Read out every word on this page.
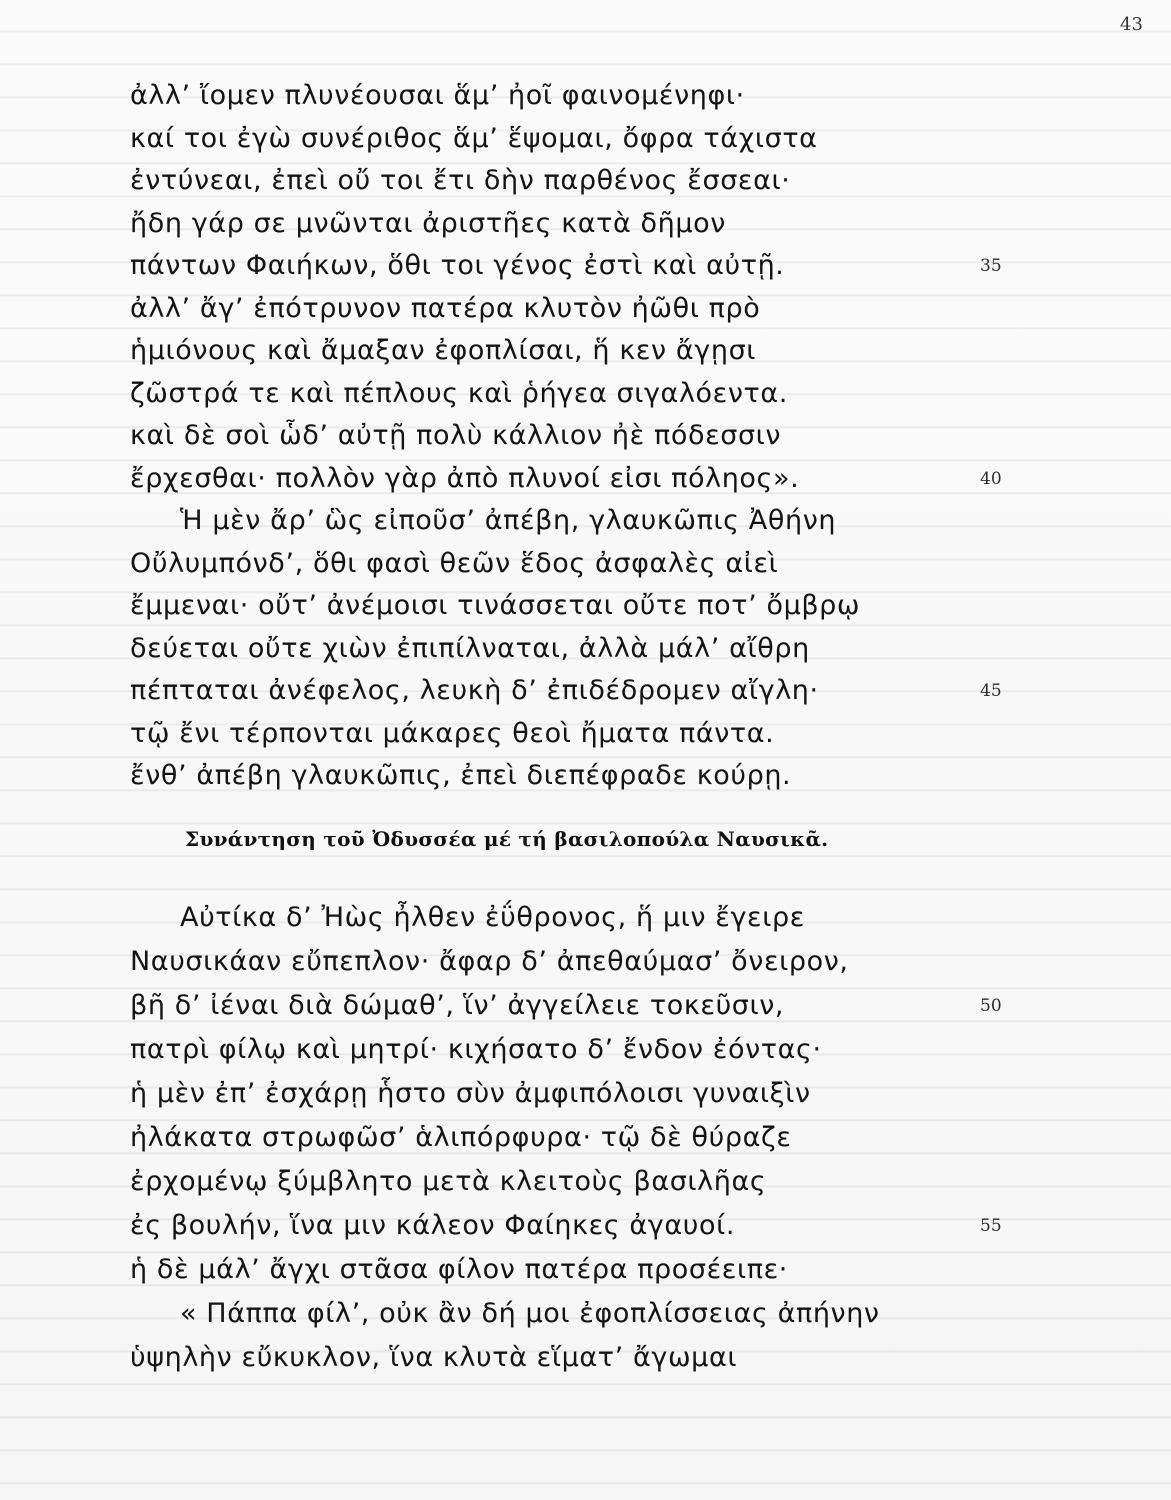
43
ἀλλ’ ἴομεν πλυνέουσαι ἅμ’ ἠοῖ φαινομένηφι·
καί τοι ἐγὼ συνέριθος ἅμ’ ἕψομαι, ὄφρα τάχιστα
ἐντύνεαι, ἐπεὶ οὔ τοι ἔτι δὴν παρθένος ἔσσεαι·
ἤδη γάρ σε μνῶνται ἀριστῆες κατὰ δῆμον
πάντων Φαιήκων, ὅθι τοι γένος ἐστὶ καὶ αὐτῇ.	35
ἀλλ’ ἄγ’ ἐπότρυνον πατέρα κλυτὸν ἠῶθι πρὸ
ἡμιόνους καὶ ἄμαξαν ἐφοπλίσαι, ἥ κεν ἄγῃσι
ζῶστρά τε καὶ πέπλους καὶ ῥήγεα σιγαλόεντα.
καὶ δὲ σοὶ ὧδ’ αὐτῇ πολὺ κάλλιον ἠὲ πόδεσσιν
ἔρχεσθαι· πολλὸν γὰρ ἀπὸ πλυνοί εἰσι πόληος».	40
Ἡ μὲν ἄρ’ ὣς εἰποῦσ’ ἀπέβη, γλαυκῶπις Ἀθήνη
Οὔλυμπόνδ’, ὅθι φασὶ θεῶν ἕδος ἀσφαλὲς αἰεὶ
ἔμμεναι· οὔτ’ ἀνέμοισι τινάσσεται οὔτε ποτ’ ὄμβρῳ
δεύεται οὔτε χιὼν ἐπιπίλναται, ἀλλὰ μάλ’ αἴθρη
πέπταται ἀνέφελος, λευκὴ δ’ ἐπιδέδρομεν αἴγλη·	45
τῷ ἔνι τέρπονται μάκαρες θεοὶ ἤματα πάντα.
ἔνθ’ ἀπέβη γλαυκῶπις, ἐπεὶ διεπέφραδε κούρῃ.
Συνάντηση τοῦ Ὀδυσσέα μέ τή βασιλοπούλα Ναυσικᾶ.
Αὐτίκα δ’ Ἠὼς ἦλθεν ἐΰθρονος, ἥ μιν ἔγειρε
Ναυσικάαν εὔπεπλον· ἄφαρ δ’ ἀπεθαύμασ’ ὄνειρον,
βῆ δ’ ἰέναι διὰ δώμαθ’, ἵν’ ἀγγείλειε τοκεῦσιν,	50
πατρὶ φίλῳ καὶ μητρί· κιχήσατο δ’ ἔνδον ἐόντας·
ἡ μὲν ἐπ’ ἐσχάρῃ ἧστο σὺν ἀμφιπόλοισι γυναιξὶν
ἠλάκατα στρωφῶσ’ ἁλιπόρφυρα· τῷ δὲ θύραζε
ἐρχομένῳ ξύμβλητο μετὰ κλειτοὺς βασιλῆας
ἐς βουλήν, ἵνα μιν κάλεον Φαίηκες ἀγαυοί.	55
ἡ δὲ μάλ’ ἄγχι στᾶσα φίλον πατέρα προσέειπε·
« Πάππα φίλ’, οὐκ ἂν δή μοι ἐφοπλίσσειας ἀπήνην
ὑψηλὴν εὔκυκλον, ἵνα κλυτὰ εἵματ’ ἄγωμαι
